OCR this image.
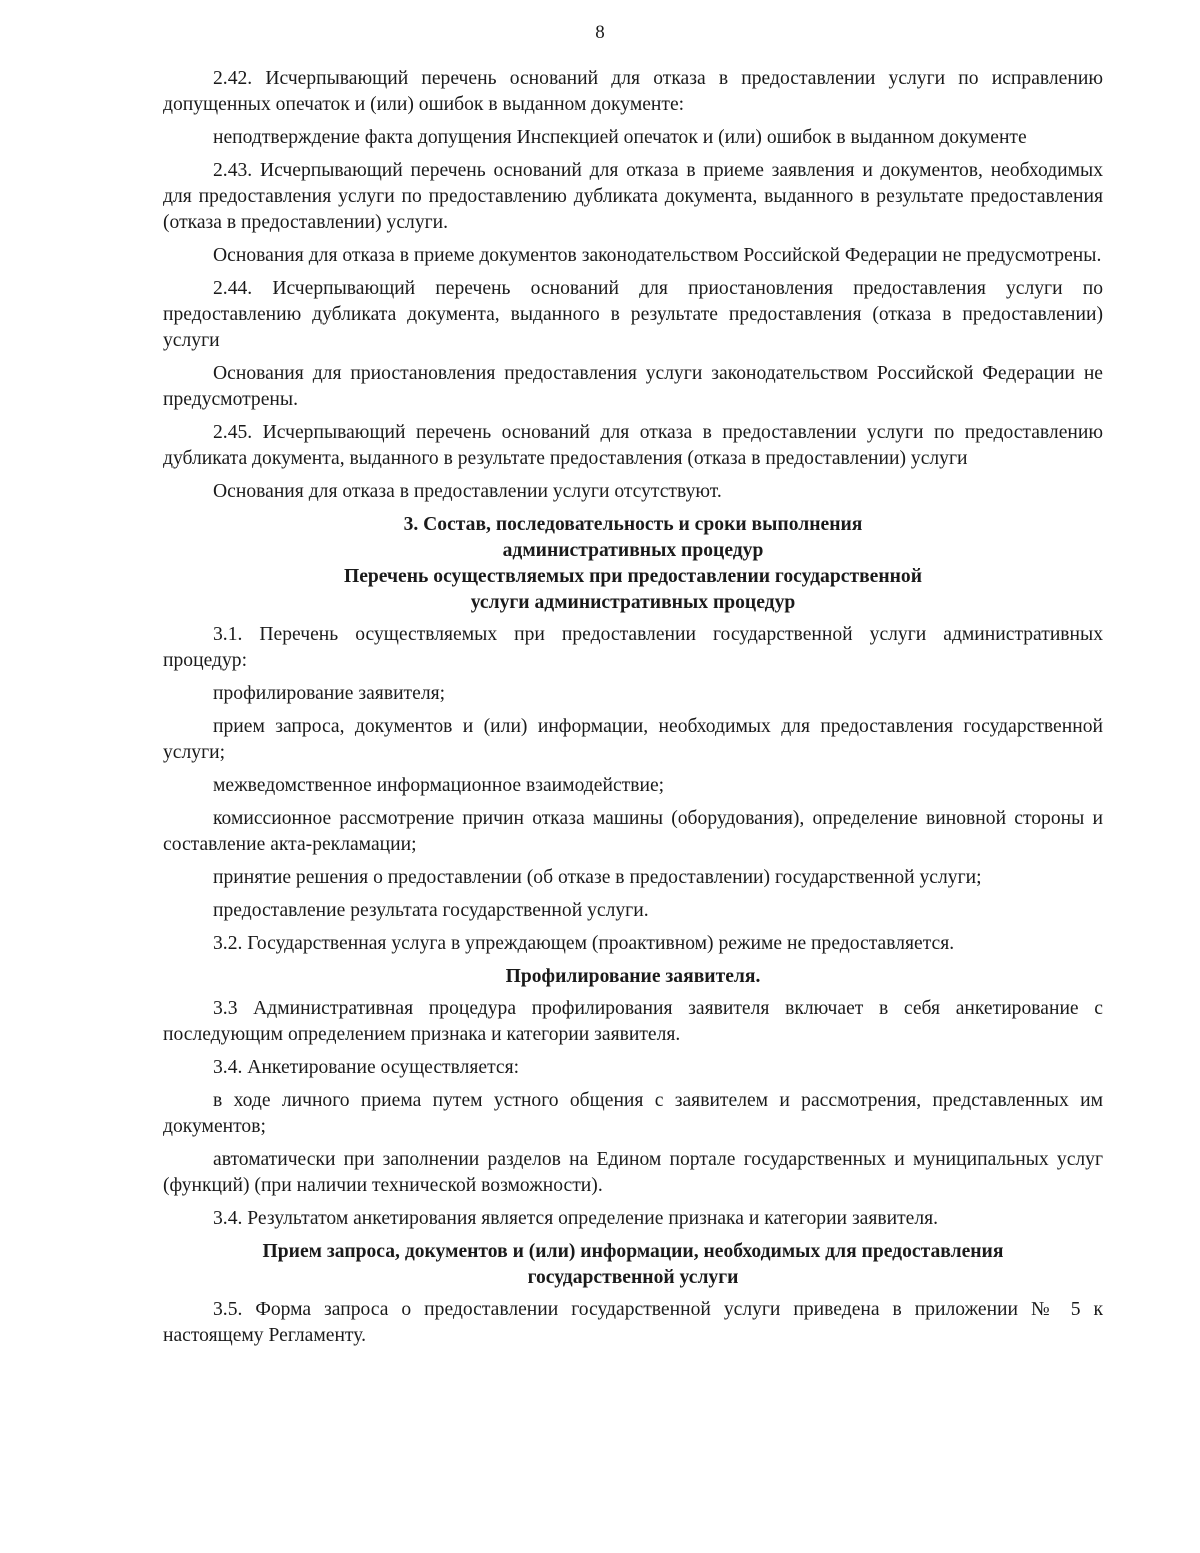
8

2.42. Исчерпывающий перечень оснований для отказа в предоставлении услуги по исправлению допущенных опечаток и (или) ошибок в выданном документе:

неподтверждение факта допущения Инспекцией опечаток и (или) ошибок в выданном документе

2.43. Исчерпывающий перечень оснований для отказа в приеме заявления и документов, необходимых для предоставления услуги по предоставлению дубликата документа, выданного в результате предоставления (отказа в предоставлении) услуги.

Основания для отказа в приеме документов законодательством Российской Федерации не предусмотрены.

2.44. Исчерпывающий перечень оснований для приостановления предоставления услуги по предоставлению дубликата документа, выданного в результате предоставления (отказа в предоставлении) услуги

Основания для приостановления предоставления услуги законодательством Российской Федерации не предусмотрены.

2.45. Исчерпывающий перечень оснований для отказа в предоставлении услуги по предоставлению дубликата документа, выданного в результате предоставления (отказа в предоставлении) услуги

Основания для отказа в предоставлении услуги отсутствуют.

3. Состав, последовательность и сроки выполнения
административных процедур
Перечень осуществляемых при предоставлении государственной
услуги административных процедур

3.1. Перечень осуществляемых при предоставлении государственной услуги административных процедур:

профилирование заявителя;

прием запроса, документов и (или) информации, необходимых для предоставления государственной услуги;

межведомственное информационное взаимодействие;

комиссионное рассмотрение причин отказа машины (оборудования), определение виновной стороны и составление акта-рекламации;

принятие решения о предоставлении (об отказе в предоставлении) государственной услуги;

предоставление результата государственной услуги.

3.2. Государственная услуга в упреждающем (проактивном) режиме не предоставляется.

Профилирование заявителя.

3.3 Административная процедура профилирования заявителя включает в себя анкетирование с последующим определением признака и категории заявителя.

3.4. Анкетирование осуществляется:

в ходе личного приема путем устного общения с заявителем и рассмотрения, представленных им документов;

автоматически при заполнении разделов на Едином портале государственных и муниципальных услуг (функций) (при наличии технической возможности).

3.4. Результатом анкетирования является определение признака и категории заявителя.

Прием запроса, документов и (или) информации, необходимых для предоставления
государственной услуги

3.5. Форма запроса о предоставлении государственной услуги приведена в приложении № 5 к настоящему Регламенту.
